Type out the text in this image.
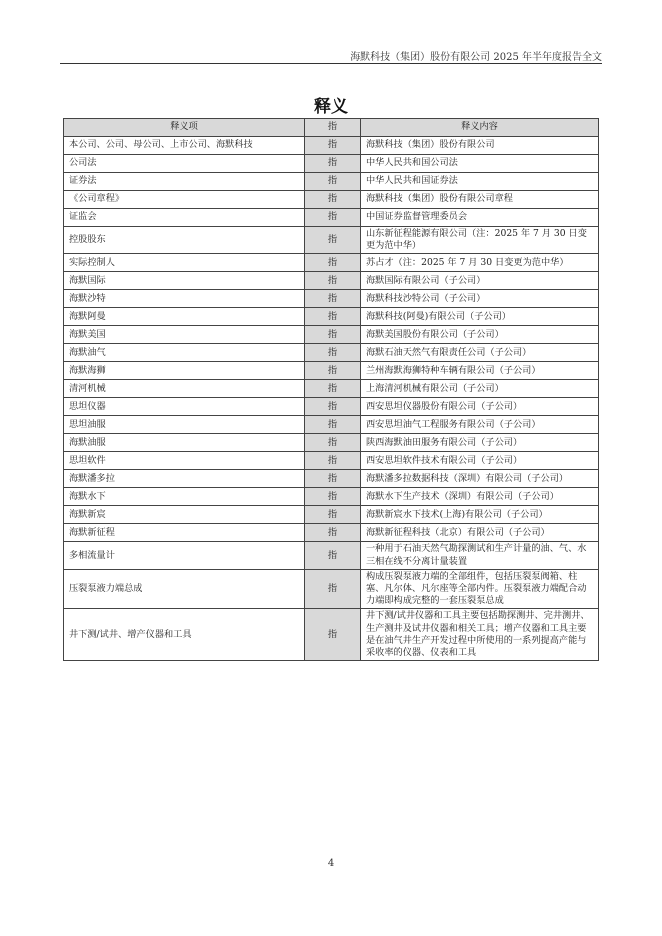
海默科技（集团）股份有限公司 2025 年半年度报告全文
释义
释义项	指	释义内容
本公司、公司、母公司、上市公司、海默科技	指	海默科技（集团）股份有限公司
公司法	指	中华人民共和国公司法
证券法	指	中华人民共和国证券法
《公司章程》	指	海默科技（集团）股份有限公司章程
证监会	指	中国证券监督管理委员会
控股股东	指	山东新征程能源有限公司（注：2025 年 7 月 30 日变更为范中华）
实际控制人	指	苏占才（注：2025 年 7 月 30 日变更为范中华）
海默国际	指	海默国际有限公司（子公司）
海默沙特	指	海默科技沙特公司（子公司）
海默阿曼	指	海默科技(阿曼)有限公司（子公司）
海默美国	指	海默美国股份有限公司（子公司）
海默油气	指	海默石油天然气有限责任公司（子公司）
海默海狮	指	兰州海默海狮特种车辆有限公司（子公司）
清河机械	指	上海清河机械有限公司（子公司）
思坦仪器	指	西安思坦仪器股份有限公司（子公司）
思坦油服	指	西安思坦油气工程服务有限公司（子公司）
海默油服	指	陕西海默油田服务有限公司（子公司）
思坦软件	指	西安思坦软件技术有限公司（子公司）
海默潘多拉	指	海默潘多拉数据科技（深圳）有限公司（子公司）
海默水下	指	海默水下生产技术（深圳）有限公司（子公司）
海默新宸	指	海默新宸水下技术(上海)有限公司（子公司）
海默新征程	指	海默新征程科技（北京）有限公司（子公司）
多相流量计	指	一种用于石油天然气勘探测试和生产计量的油、气、水三相在线不分离计量装置
压裂泵液力端总成	指	构成压裂泵液力端的全部组件，包括压裂泵阀箱、柱塞、凡尔体、凡尔座等全部内件。压裂泵液力端配合动力端即构成完整的一套压裂泵总成
井下测/试井、增产仪器和工具	指	井下测/试井仪器和工具主要包括勘探测井、完井测井、生产测井及试井仪器和相关工具；增产仪器和工具主要是在油气井生产开发过程中所使用的一系列提高产能与采收率的仪器、仪表和工具
4
